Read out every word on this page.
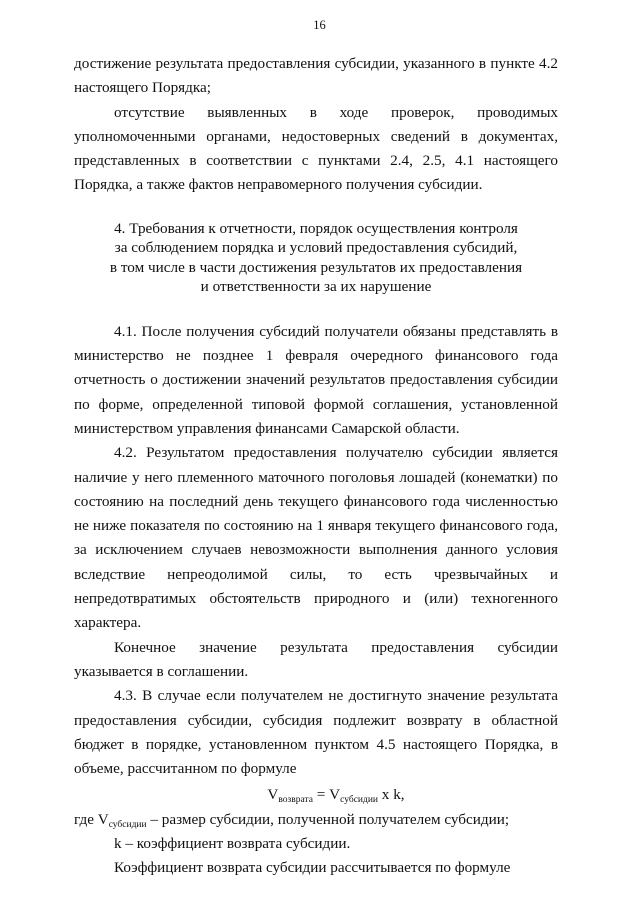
16

достижение результата предоставления субсидии, указанного в пункте 4.2 настоящего Порядка;

отсутствие выявленных в ходе проверок, проводимых уполномоченными органами, недостоверных сведений в документах, представленных в соответствии с пунктами 2.4, 2.5, 4.1 настоящего Порядка, а также фактов неправомерного получения субсидии.

4. Требования к отчетности, порядок осуществления контроля
за соблюдением порядка и условий предоставления субсидий,
в том числе в части достижения результатов их предоставления
и ответственности за их нарушение

4.1. После получения субсидий получатели обязаны представлять в министерство не позднее 1 февраля очередного финансового года отчетность о достижении значений результатов предоставления субсидии по форме, определенной типовой формой соглашения, установленной министерством управления финансами Самарской области.

4.2. Результатом предоставления получателю субсидии является наличие у него племенного маточного поголовья лошадей (конематки) по состоянию на последний день текущего финансового года численностью не ниже показателя по состоянию на 1 января текущего финансового года, за исключением случаев невозможности выполнения данного условия вследствие непреодолимой силы, то есть чрезвычайных и непредотвратимых обстоятельств природного и (или) техногенного характера.

Конечное значение результата предоставления субсидии указывается в соглашении.

4.3. В случае если получателем не достигнуто значение результата предоставления субсидии, субсидия подлежит возврату в областной бюджет в порядке, установленном пунктом 4.5 настоящего Порядка, в объеме, рассчитанном по формуле

$V_{возврата} = V_{субсидии}$ x k,

где $V_{субсидии}$ – размер субсидии, полученной получателем субсидии;

k – коэффициент возврата субсидии.

Коэффициент возврата субсидии рассчитывается по формуле
